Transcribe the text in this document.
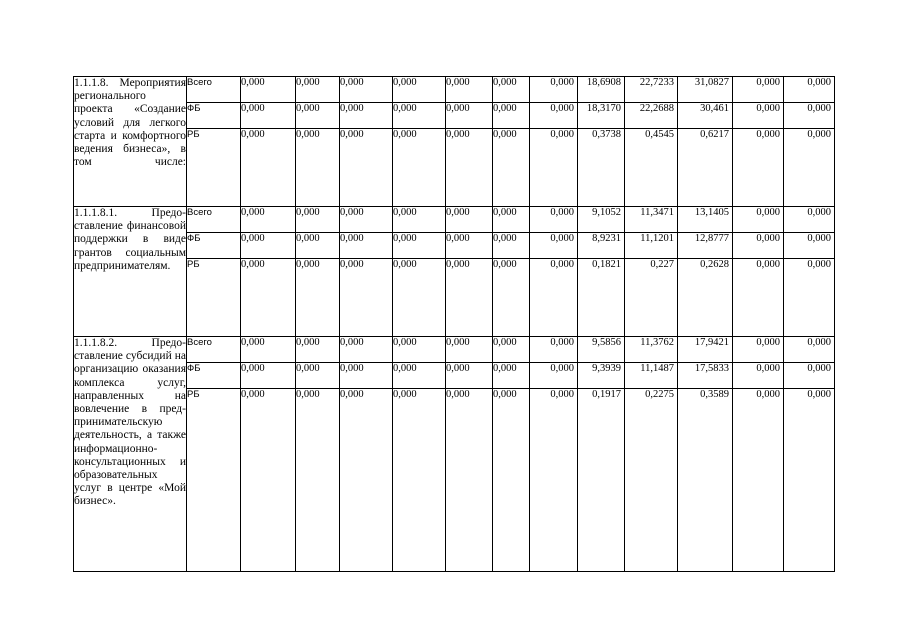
1.1.1.8. Мероприятия регионального проекта «Создание условий для легкого старта и комфортного ведения бизнеса», в том числе:	Всего	0,000	0,000	0,000	0,000	0,000	0,000	0,000	18,6908	22,7233	31,0827	0,000	0,000
	ФБ	0,000	0,000	0,000	0,000	0,000	0,000	0,000	18,3170	22,2688	30,461	0,000	0,000
	РБ	0,000	0,000	0,000	0,000	0,000	0,000	0,000	0,3738	0,4545	0,6217	0,000	0,000
1.1.1.8.1. Предоставление финансовой поддержки в виде грантов социальным предпринимателям.	Всего	0,000	0,000	0,000	0,000	0,000	0,000	0,000	9,1052	11,3471	13,1405	0,000	0,000
	ФБ	0,000	0,000	0,000	0,000	0,000	0,000	0,000	8,9231	11,1201	12,8777	0,000	0,000
	РБ	0,000	0,000	0,000	0,000	0,000	0,000	0,000	0,1821	0,227	0,2628	0,000	0,000
1.1.1.8.2. Предоставление субсидий на организацию оказания комплекса услуг, направленных на вовлечение в предпринимательскую деятельность, а также информационно- консультационных и образовательных услуг в центре «Мой бизнес».	Всего	0,000	0,000	0,000	0,000	0,000	0,000	0,000	9,5856	11,3762	17,9421	0,000	0,000
	ФБ	0,000	0,000	0,000	0,000	0,000	0,000	0,000	9,3939	11,1487	17,5833	0,000	0,000
	РБ	0,000	0,000	0,000	0,000	0,000	0,000	0,000	0,1917	0,2275	0,3589	0,000	0,000
